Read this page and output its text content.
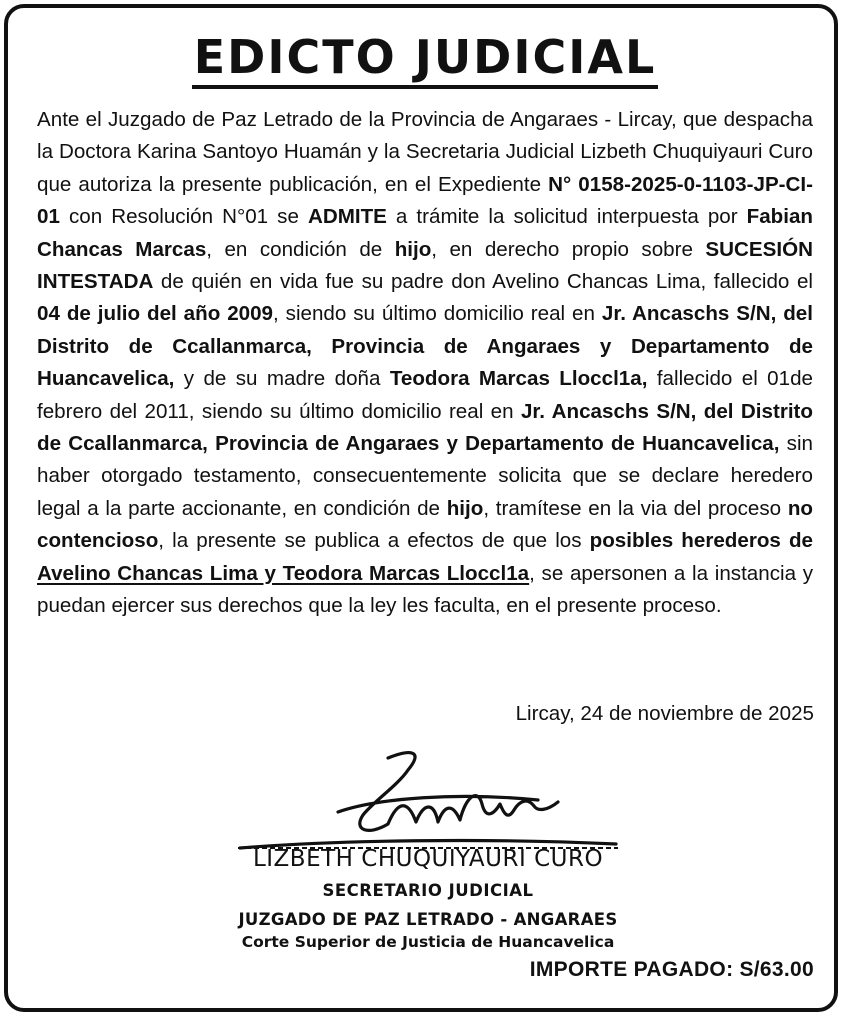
EDICTO JUDICIAL

Ante el Juzgado de Paz Letrado de la Provincia de Angaraes - Lircay, que despacha la Doctora Karina Santoyo Huamán y la Secretaria Judicial Lizbeth Chuquiyauri Curo que autoriza la presente publicación, en el Expediente N° 0158-2025-0-1103-JP-CI-01 con Resolución N°01 se ADMITE a trámite la solicitud interpuesta por Fabian Chancas Marcas, en condición de hijo, en derecho propio sobre SUCESIÓN INTESTADA de quién en vida fue su padre don Avelino Chancas Lima, fallecido el 04 de julio del año 2009, siendo su último domicilio real en Jr. Ancaschs S/N, del Distrito de Ccallanmarca, Provincia de Angaraes y Departamento de Huancavelica, y de su madre doña Teodora Marcas Lloccl1a, fallecido el 01de febrero del 2011, siendo su último domicilio real en Jr. Ancaschs S/N, del Distrito de Ccallanmarca, Provincia de Angaraes y Departamento de Huancavelica, sin haber otorgado testamento, consecuentemente solicita que se declare heredero legal a la parte accionante, en condición de hijo, tramítese en la via del proceso no contencioso, la presente se publica a efectos de que los posibles herederos de Avelino Chancas Lima y Teodora Marcas Lloccl1a, se apersonen a la instancia y puedan ejercer sus derechos que la ley les faculta, en el presente proceso.

Lircay, 24 de noviembre de 2025
LIZBETH CHUQUIYAURI CURO
SECRETARIO JUDICIAL
JUZGADO DE PAZ LETRADO - ANGARAES
Corte Superior de Justicia de Huancavelica
IMPORTE PAGADO: S/63.00
